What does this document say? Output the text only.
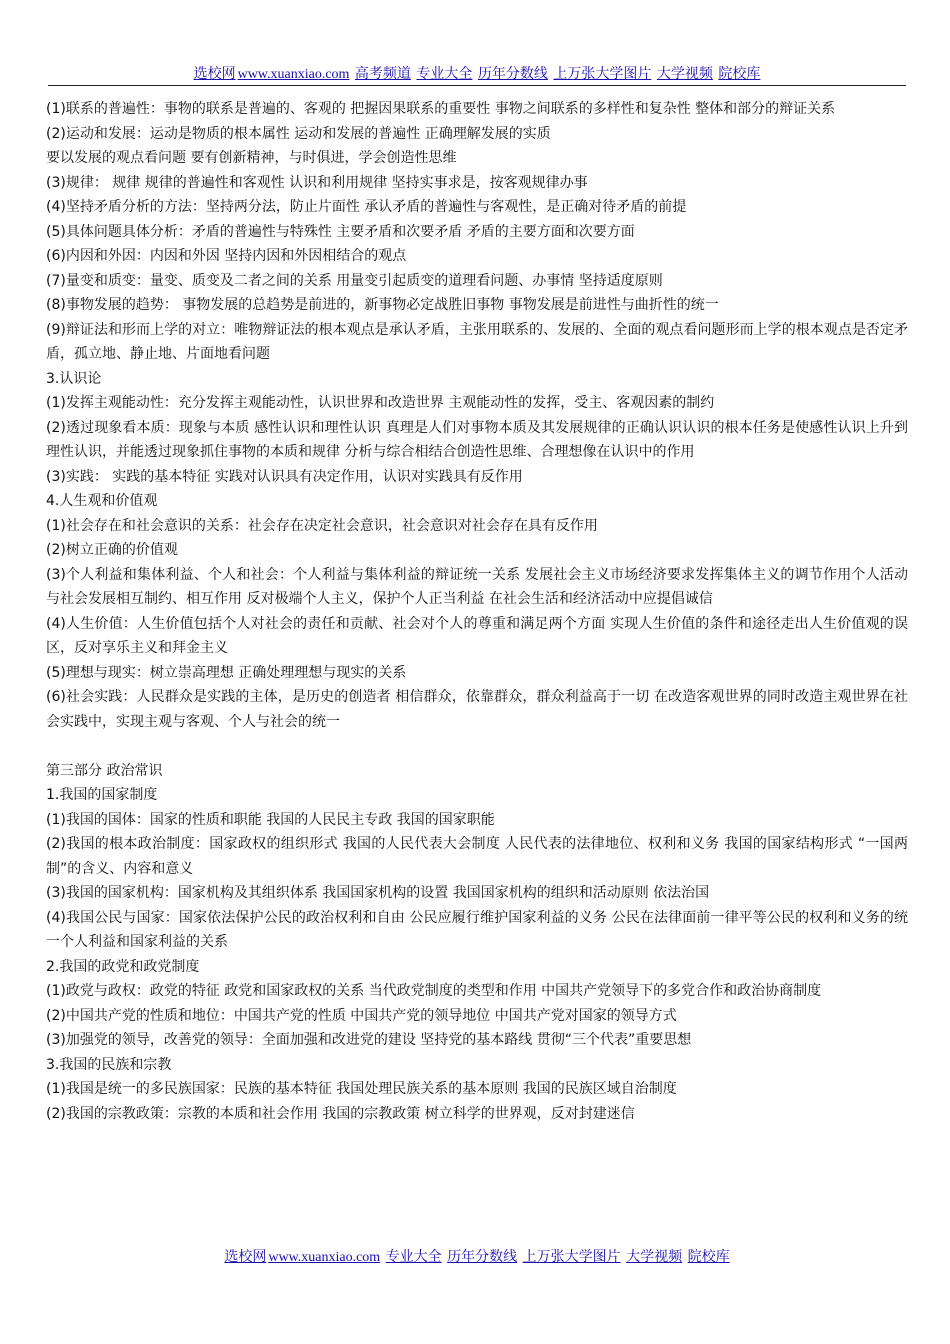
选校网 www.xuanxiao.com 高考频道 专业大全 历年分数线 上万张大学图片 大学视频 院校库

(1)联系的普遍性：事物的联系是普遍的、客观的 把握因果联系的重要性 事物之间联系的多样性和复杂性 整体和部分的辩证关系

(2)运动和发展：运动是物质的根本属性 运动和发展的普遍性 正确理解发展的实质

要以发展的观点看问题 要有创新精神，与时俱进，学会创造性思维

(3)规律： 规律 规律的普遍性和客观性 认识和利用规律 坚持实事求是，按客观规律办事

(4)坚持矛盾分析的方法：坚持两分法，防止片面性 承认矛盾的普遍性与客观性，是正确对待矛盾的前提

(5)具体问题具体分析：矛盾的普遍性与特殊性 主要矛盾和次要矛盾 矛盾的主要方面和次要方面

(6)内因和外因：内因和外因 坚持内因和外因相结合的观点

(7)量变和质变：量变、质变及二者之间的关系 用量变引起质变的道理看问题、办事情 坚持适度原则

(8)事物发展的趋势： 事物发展的总趋势是前进的，新事物必定战胜旧事物 事物发展是前进性与曲折性的统一

(9)辩证法和形而上学的对立：唯物辩证法的根本观点是承认矛盾，主张用联系的、发展的、全面的观点看问题形而上学的根本观点是否定矛盾，孤立地、静止地、片面地看问题

3.认识论

(1)发挥主观能动性：充分发挥主观能动性，认识世界和改造世界 主观能动性的发挥，受主、客观因素的制约

(2)透过现象看本质：现象与本质 感性认识和理性认识 真理是人们对事物本质及其发展规律的正确认识认识的根本任务是使感性认识上升到理性认识，并能透过现象抓住事物的本质和规律 分析与综合相结合创造性思维、合理想像在认识中的作用

(3)实践： 实践的基本特征 实践对认识具有决定作用，认识对实践具有反作用

4.人生观和价值观

(1)社会存在和社会意识的关系：社会存在决定社会意识，社会意识对社会存在具有反作用

(2)树立正确的价值观

(3)个人利益和集体利益、个人和社会：个人利益与集体利益的辩证统一关系 发展社会主义市场经济要求发挥集体主义的调节作用个人活动与社会发展相互制约、相互作用 反对极端个人主义，保护个人正当利益 在社会生活和经济活动中应提倡诚信

(4)人生价值：人生价值包括个人对社会的责任和贡献、社会对个人的尊重和满足两个方面 实现人生价值的条件和途径走出人生价值观的误区，反对享乐主义和拜金主义

(5)理想与现实：树立崇高理想 正确处理理想与现实的关系

(6)社会实践：人民群众是实践的主体，是历史的创造者 相信群众，依靠群众，群众利益高于一切 在改造客观世界的同时改造主观世界在社会实践中，实现主观与客观、个人与社会的统一

第三部分 政治常识

1.我国的国家制度

(1)我国的国体：国家的性质和职能 我国的人民民主专政 我国的国家职能

(2)我国的根本政治制度：国家政权的组织形式 我国的人民代表大会制度 人民代表的法律地位、权利和义务 我国的国家结构形式 “一国两制”的含义、内容和意义

(3)我国的国家机构：国家机构及其组织体系 我国国家机构的设置 我国国家机构的组织和活动原则 依法治国

(4)我国公民与国家：国家依法保护公民的政治权利和自由 公民应履行维护国家利益的义务 公民在法律面前一律平等公民的权利和义务的统一个人利益和国家利益的关系

2.我国的政党和政党制度

(1)政党与政权：政党的特征 政党和国家政权的关系 当代政党制度的类型和作用 中国共产党领导下的多党合作和政治协商制度

(2)中国共产党的性质和地位：中国共产党的性质 中国共产党的领导地位 中国共产党对国家的领导方式

(3)加强党的领导，改善党的领导：全面加强和改进党的建设 坚持党的基本路线 贯彻“三个代表”重要思想

3.我国的民族和宗教

(1)我国是统一的多民族国家：民族的基本特征 我国处理民族关系的基本原则 我国的民族区域自治制度

(2)我国的宗教政策：宗教的本质和社会作用 我国的宗教政策 树立科学的世界观，反对封建迷信

选校网 www.xuanxiao.com 专业大全 历年分数线 上万张大学图片 大学视频 院校库
